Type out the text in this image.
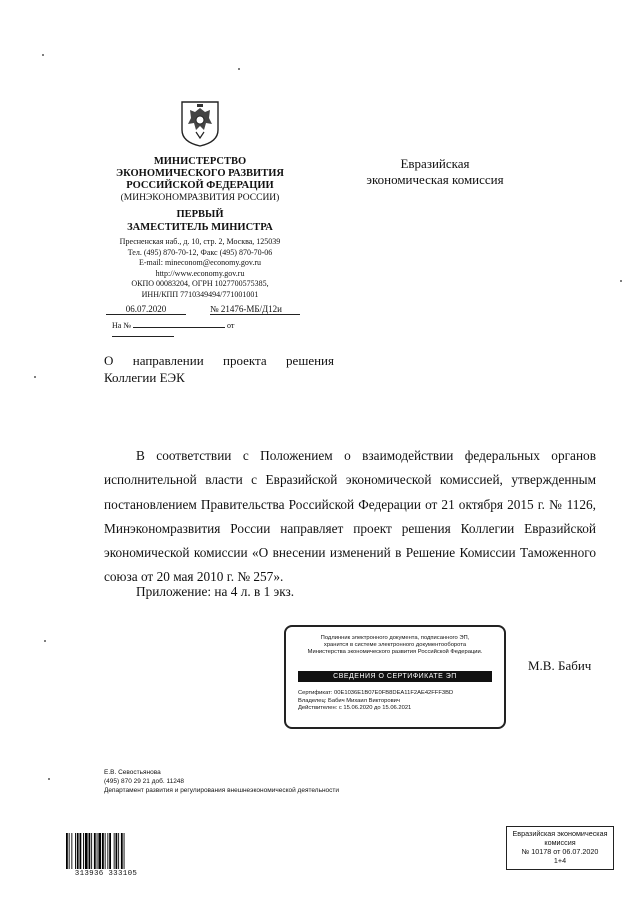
МИНИСТЕРСТВО
ЭКОНОМИЧЕСКОГО РАЗВИТИЯ
РОССИЙСКОЙ ФЕДЕРАЦИИ
(МИНЭКОНОМРАЗВИТИЯ РОССИИ)
ПЕРВЫЙ
ЗАМЕСТИТЕЛЬ МИНИСТРА
Пресненская наб., д. 10, стр. 2, Москва, 125039
Тел. (495) 870-70-12, Факс (495) 870-70-06
E-mail: mineconom@economy.gov.ru
http://www.economy.gov.ru
ОКПО 00083204, ОГРН 1027700575385,
ИНН/КПП 7710349494/771001001
06.07.2020	№ 21476-МБ/Д12и
На №	от
Евразийская
экономическая комиссия
О направлении проекта решения
Коллегии ЕЭК
В соответствии с Положением о взаимодействии федеральных органов исполнительной власти с Евразийской экономической комиссией, утвержденным постановлением Правительства Российской Федерации от 21 октября 2015 г. № 1126, Минэкономразвития России направляет проект решения Коллегии Евразийской экономической комиссии «О внесении изменений в Решение Комиссии Таможенного союза от 20 мая 2010 г. № 257».
Приложение: на 4 л. в 1 экз.
Подлинник электронного документа, подписанного ЭП,
хранится в системе электронного документооборота
Министерства экономического развития Российской Федерации.
СВЕДЕНИЯ О СЕРТИФИКАТЕ ЭП
Сертификат: 00E1036E1B07E0FB8DEA11F2AE42FFF3BD
Владелец: Бабич Михаил Викторович
Действителен: с 15.06.2020 до 15.06.2021
М.В. Бабич
Е.В. Севостьянова
(495) 870 29 21 доб. 11248
Департамент развития и регулирования внешнеэкономической деятельности
313936 333105
Евразийская экономическая
комиссия
№ 10178 от 06.07.2020
1+4
